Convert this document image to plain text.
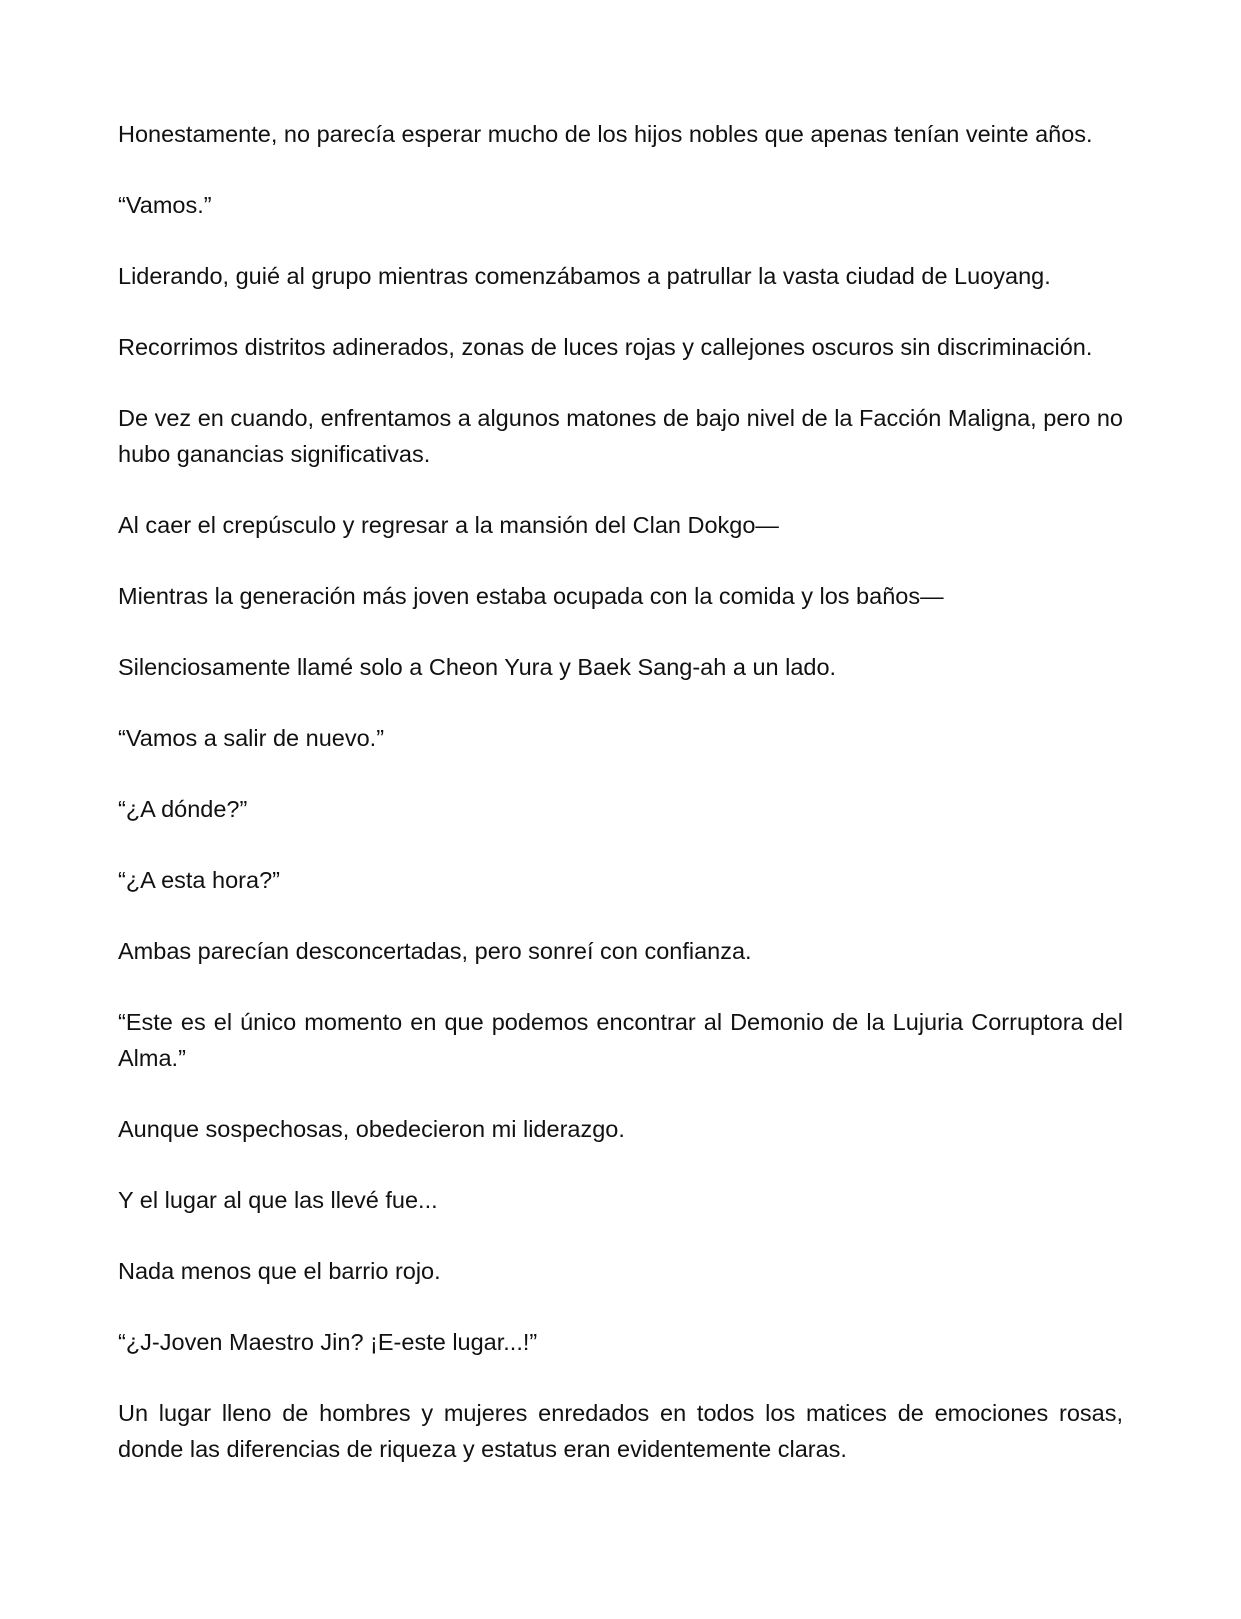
Honestamente, no parecía esperar mucho de los hijos nobles que apenas tenían veinte años.

“Vamos.”

Liderando, guié al grupo mientras comenzábamos a patrullar la vasta ciudad de Luoyang.

Recorrimos distritos adinerados, zonas de luces rojas y callejones oscuros sin discriminación.

De vez en cuando, enfrentamos a algunos matones de bajo nivel de la Facción Maligna, pero no hubo ganancias significativas.

Al caer el crepúsculo y regresar a la mansión del Clan Dokgo—

Mientras la generación más joven estaba ocupada con la comida y los baños—

Silenciosamente llamé solo a Cheon Yura y Baek Sang-ah a un lado.

“Vamos a salir de nuevo.”

“¿A dónde?”

“¿A esta hora?”

Ambas parecían desconcertadas, pero sonreí con confianza.

“Este es el único momento en que podemos encontrar al Demonio de la Lujuria Corruptora del Alma.”

Aunque sospechosas, obedecieron mi liderazgo.

Y el lugar al que las llevé fue...

Nada menos que el barrio rojo.

“¿J-Joven Maestro Jin? ¡E-este lugar...!”

Un lugar lleno de hombres y mujeres enredados en todos los matices de emociones rosas, donde las diferencias de riqueza y estatus eran evidentemente claras.
